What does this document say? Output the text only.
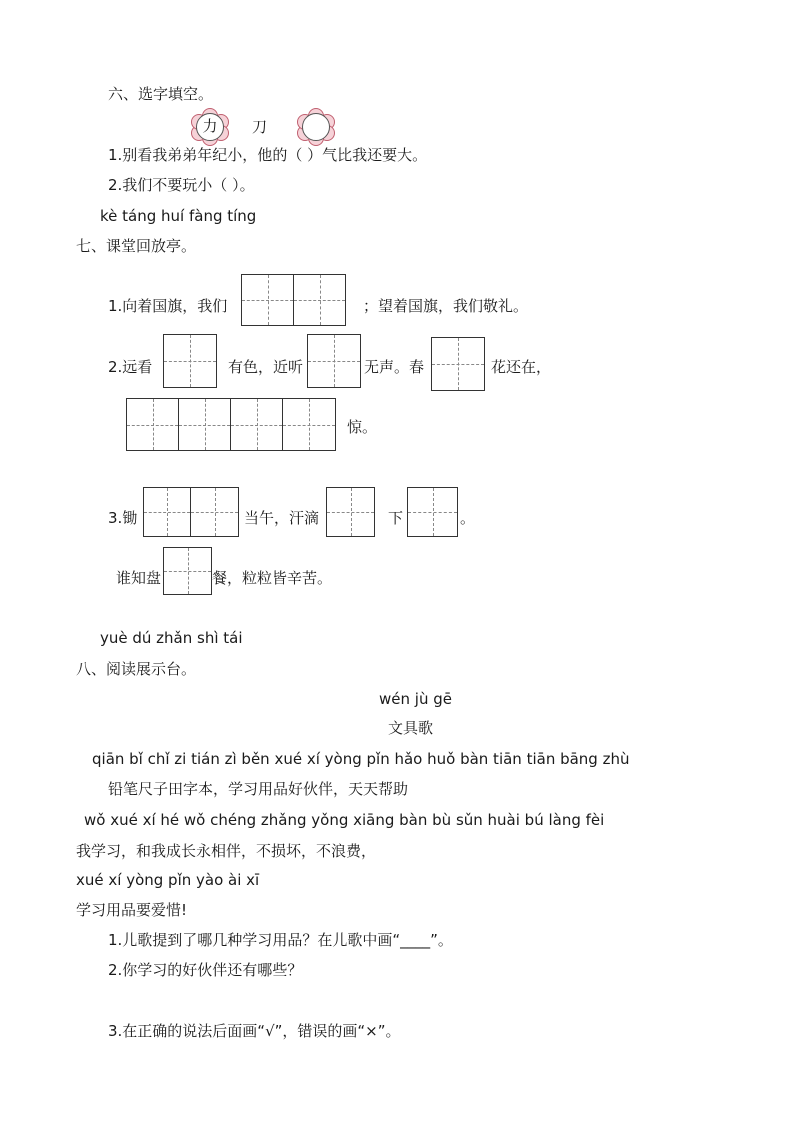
六、选字填空。
力	刀
1.别看我弟弟年纪小，他的（ ）气比我还要大。
2.我们不要玩小（ ）。
kè táng huí fàng tíng
七、课堂回放亭。
1.向着国旗，我们	；望着国旗，我们敬礼。
2.远看	有色，近听	无声。春	花还在，
惊。
3.锄	当午，汗滴	下	。
谁知盘	餐，粒粒皆辛苦。
yuè dú zhǎn shì tái
八、阅读展示台。
wén jù gē
文具歌
qiān bǐ chǐ zi tián zì běn xué xí yòng pǐn hǎo huǒ bàn tiān tiān bāng zhù
铅笔尺子田字本，学习用品好伙伴，天天帮助
wǒ xué xí hé wǒ chéng zhǎng yǒng xiāng bàn bù sǔn huài bú làng fèi
我学习，和我成长永相伴，不损坏，不浪费，
xué xí yòng pǐn yào ài xī
学习用品要爱惜!
1.儿歌提到了哪几种学习用品？在儿歌中画“____”。
2.你学习的好伙伴还有哪些？
3.在正确的说法后面画“√”，错误的画“×”。
